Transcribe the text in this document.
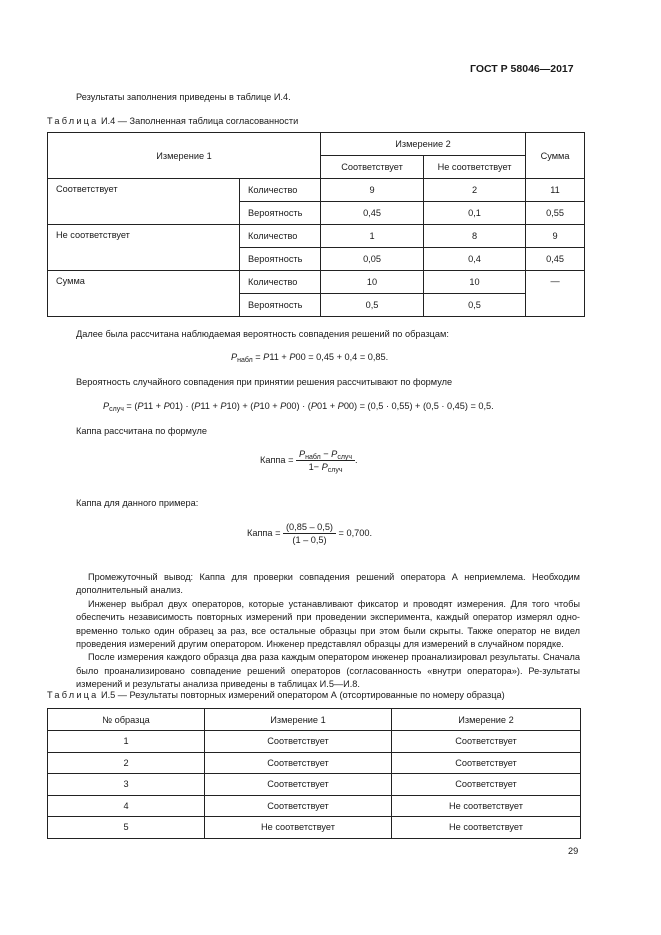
ГОСТ Р 58046—2017
Результаты заполнения приведены в таблице И.4.
Таблица И.4 — Заполненная таблица согласованности
Измерение 1		Измерение 2		Сумма
		Соответствует	Не соответствует	
Соответствует	Количество	9	2	11
	Вероятность	0,45	0,1	0,55
Не соответствует	Количество	1	8	9
	Вероятность	0,05	0,4	0,45
Сумма	Количество	10	10	—
	Вероятность	0,5	0,5	
Далее была рассчитана наблюдаемая вероятность совпадения решений по образцам:
$P_{набл} = P11 + P00 = 0,45 + 0,4 = 0,85$.
Вероятность случайного совпадения при принятии решения рассчитывают по формуле
$P_{случ} = (P11 + P01) \cdot (P11 + P10) + (P10 + P00) \cdot (P01 + P00) = (0,5 \cdot 0,55) + (0,5 \cdot 0,45) = 0,5$.
Каппа рассчитана по формуле
Каппа = $\frac{P_{набл} - P_{случ}}{1- P_{случ}}$ .
Каппа для данного примера:
Каппа = $\frac{(0,85 - 0,5)}{(1 - 0,5)} = 0,700$.

Промежуточный вывод: Каппа для проверки совпадения решений оператора А неприемлема. Необходим дополнительный анализ.

Инженер выбрал двух операторов, которые устанавливают фиксатор и проводят измерения. Для того чтобы обеспечить независимость повторных измерений при проведении эксперимента, каждый оператор измерял одно-временно только один образец за раз, все остальные образцы при этом были скрыты. Также оператор не видел проведения измерений другим оператором. Инженер представлял образцы для измерений в случайном порядке.

После измерения каждого образца два раза каждым оператором инженер проанализировал результаты. Сначала было проанализировано совпадение решений операторов (согласованность «внутри оператора»). Ре-зультаты измерений и результаты анализа приведены в таблицах И.5—И.8.

Таблица И.5 — Результаты повторных измерений оператором А (отсортированные по номеру образца)
№ образца	Измерение 1	Измерение 2
1	Соответствует	Соответствует
2	Соответствует	Соответствует
3	Соответствует	Соответствует
4	Соответствует	Не соответствует
5	Не соответствует	Не соответствует
29
